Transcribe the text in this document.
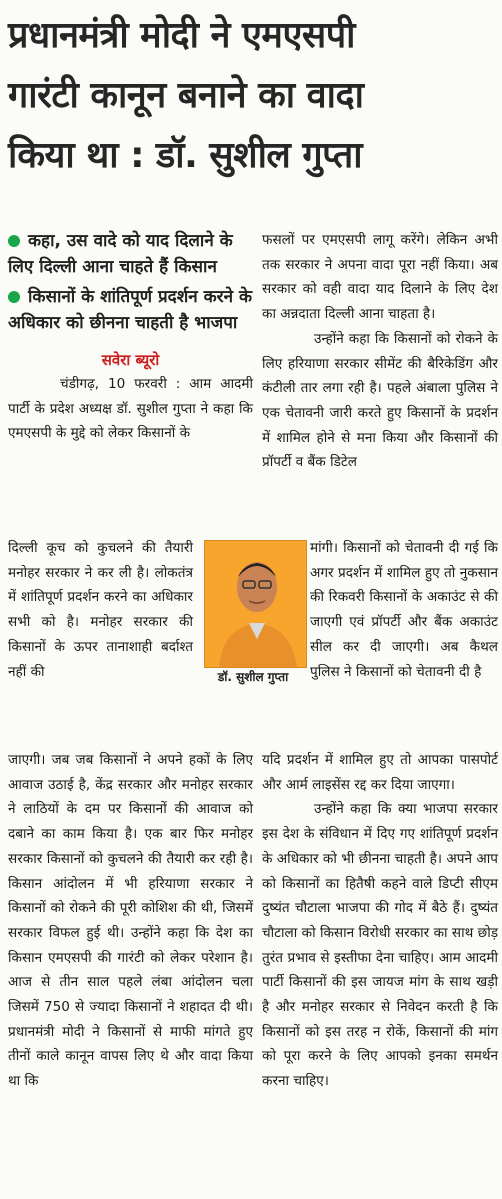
प्रधानमंत्री मोदी ने एमएसपी
गारंटी कानून बनाने का वादा
किया था : डॉ. सुशील गुप्ता
कहा, उस वादे को याद दिलाने के लिए दिल्ली आना चाहते हैं किसान
किसानों के शांतिपूर्ण प्रदर्शन करने के अधिकार को छीनना चाहती है भाजपा
सवेरा ब्यूरो

चंडीगढ़, 10 फरवरी : आम आदमी पार्टी के प्रदेश अध्यक्ष डॉ. सुशील गुप्ता ने कहा कि एमएसपी के मुद्दे को लेकर किसानों के

दिल्ली कूच को कुचलने की तैयारी मनोहर सरकार ने कर ली है। लोकतंत्र में शांतिपूर्ण प्रदर्शन करने का अधिकार सभी को है। मनोहर सरकार की किसानों के ऊपर तानाशाही बर्दाश्त नहीं की	डॉ. सुशील गुप्ता

फसलों पर एमएसपी लागू करेंगे। लेकिन अभी तक सरकार ने अपना वादा पूरा नहीं किया। अब सरकार को वही वादा याद दिलाने के लिए देश का अन्नदाता दिल्ली आना चाहता है।

उन्होंने कहा कि किसानों को रोकने के लिए हरियाणा सरकार सीमेंट की बैरिकेडिंग और कंटीली तार लगा रही है। पहले अंबाला पुलिस ने एक चेतावनी जारी करते हुए किसानों के प्रदर्शन में शामिल होने से मना किया और किसानों की प्रॉपर्टी व बैंक डिटेल

मांगी। किसानों को चेतावनी दी गई कि अगर प्रदर्शन में शामिल हुए तो नुकसान की रिकवरी किसानों के अकाउंट से की जाएगी एवं प्रॉपर्टी और बैंक अकाउंट सील कर दी जाएगी। अब कैथल पुलिस ने किसानों को चेतावनी दी है

जाएगी। जब जब किसानों ने अपने हकों के लिए आवाज उठाई है, केंद्र सरकार और मनोहर सरकार ने लाठियों के दम पर किसानों की आवाज को दबाने का काम किया है। एक बार फिर मनोहर सरकार किसानों को कुचलने की तैयारी कर रही है। किसान आंदोलन में भी हरियाणा सरकार ने किसानों को रोकने की पूरी कोशिश की थी, जिसमें सरकार विफल हुई थी। उन्होंने कहा कि देश का किसान एमएसपी की गारंटी को लेकर परेशान है। आज से तीन साल पहले लंबा आंदोलन चला जिसमें 750 से ज्यादा किसानों ने शहादत दी थी। प्रधानमंत्री मोदी ने किसानों से माफी मांगते हुए तीनों काले कानून वापस लिए थे और वादा किया था कि

यदि प्रदर्शन में शामिल हुए तो आपका पासपोर्ट और आर्म लाइसेंस रद्द कर दिया जाएगा।

उन्होंने कहा कि क्या भाजपा सरकार इस देश के संविधान में दिए गए शांतिपूर्ण प्रदर्शन के अधिकार को भी छीनना चाहती है। अपने आप को किसानों का हितैषी कहने वाले डिप्टी सीएम दुष्यंत चौटाला भाजपा की गोद में बैठे हैं। दुष्यंत चौटाला को किसान विरोधी सरकार का साथ छोड़ तुरंत प्रभाव से इस्तीफा देना चाहिए। आम आदमी पार्टी किसानों की इस जायज मांग के साथ खड़ी है और मनोहर सरकार से निवेदन करती है कि किसानों को इस तरह न रोकें, किसानों की मांग को पूरा करने के लिए आपको इनका समर्थन करना चाहिए।
